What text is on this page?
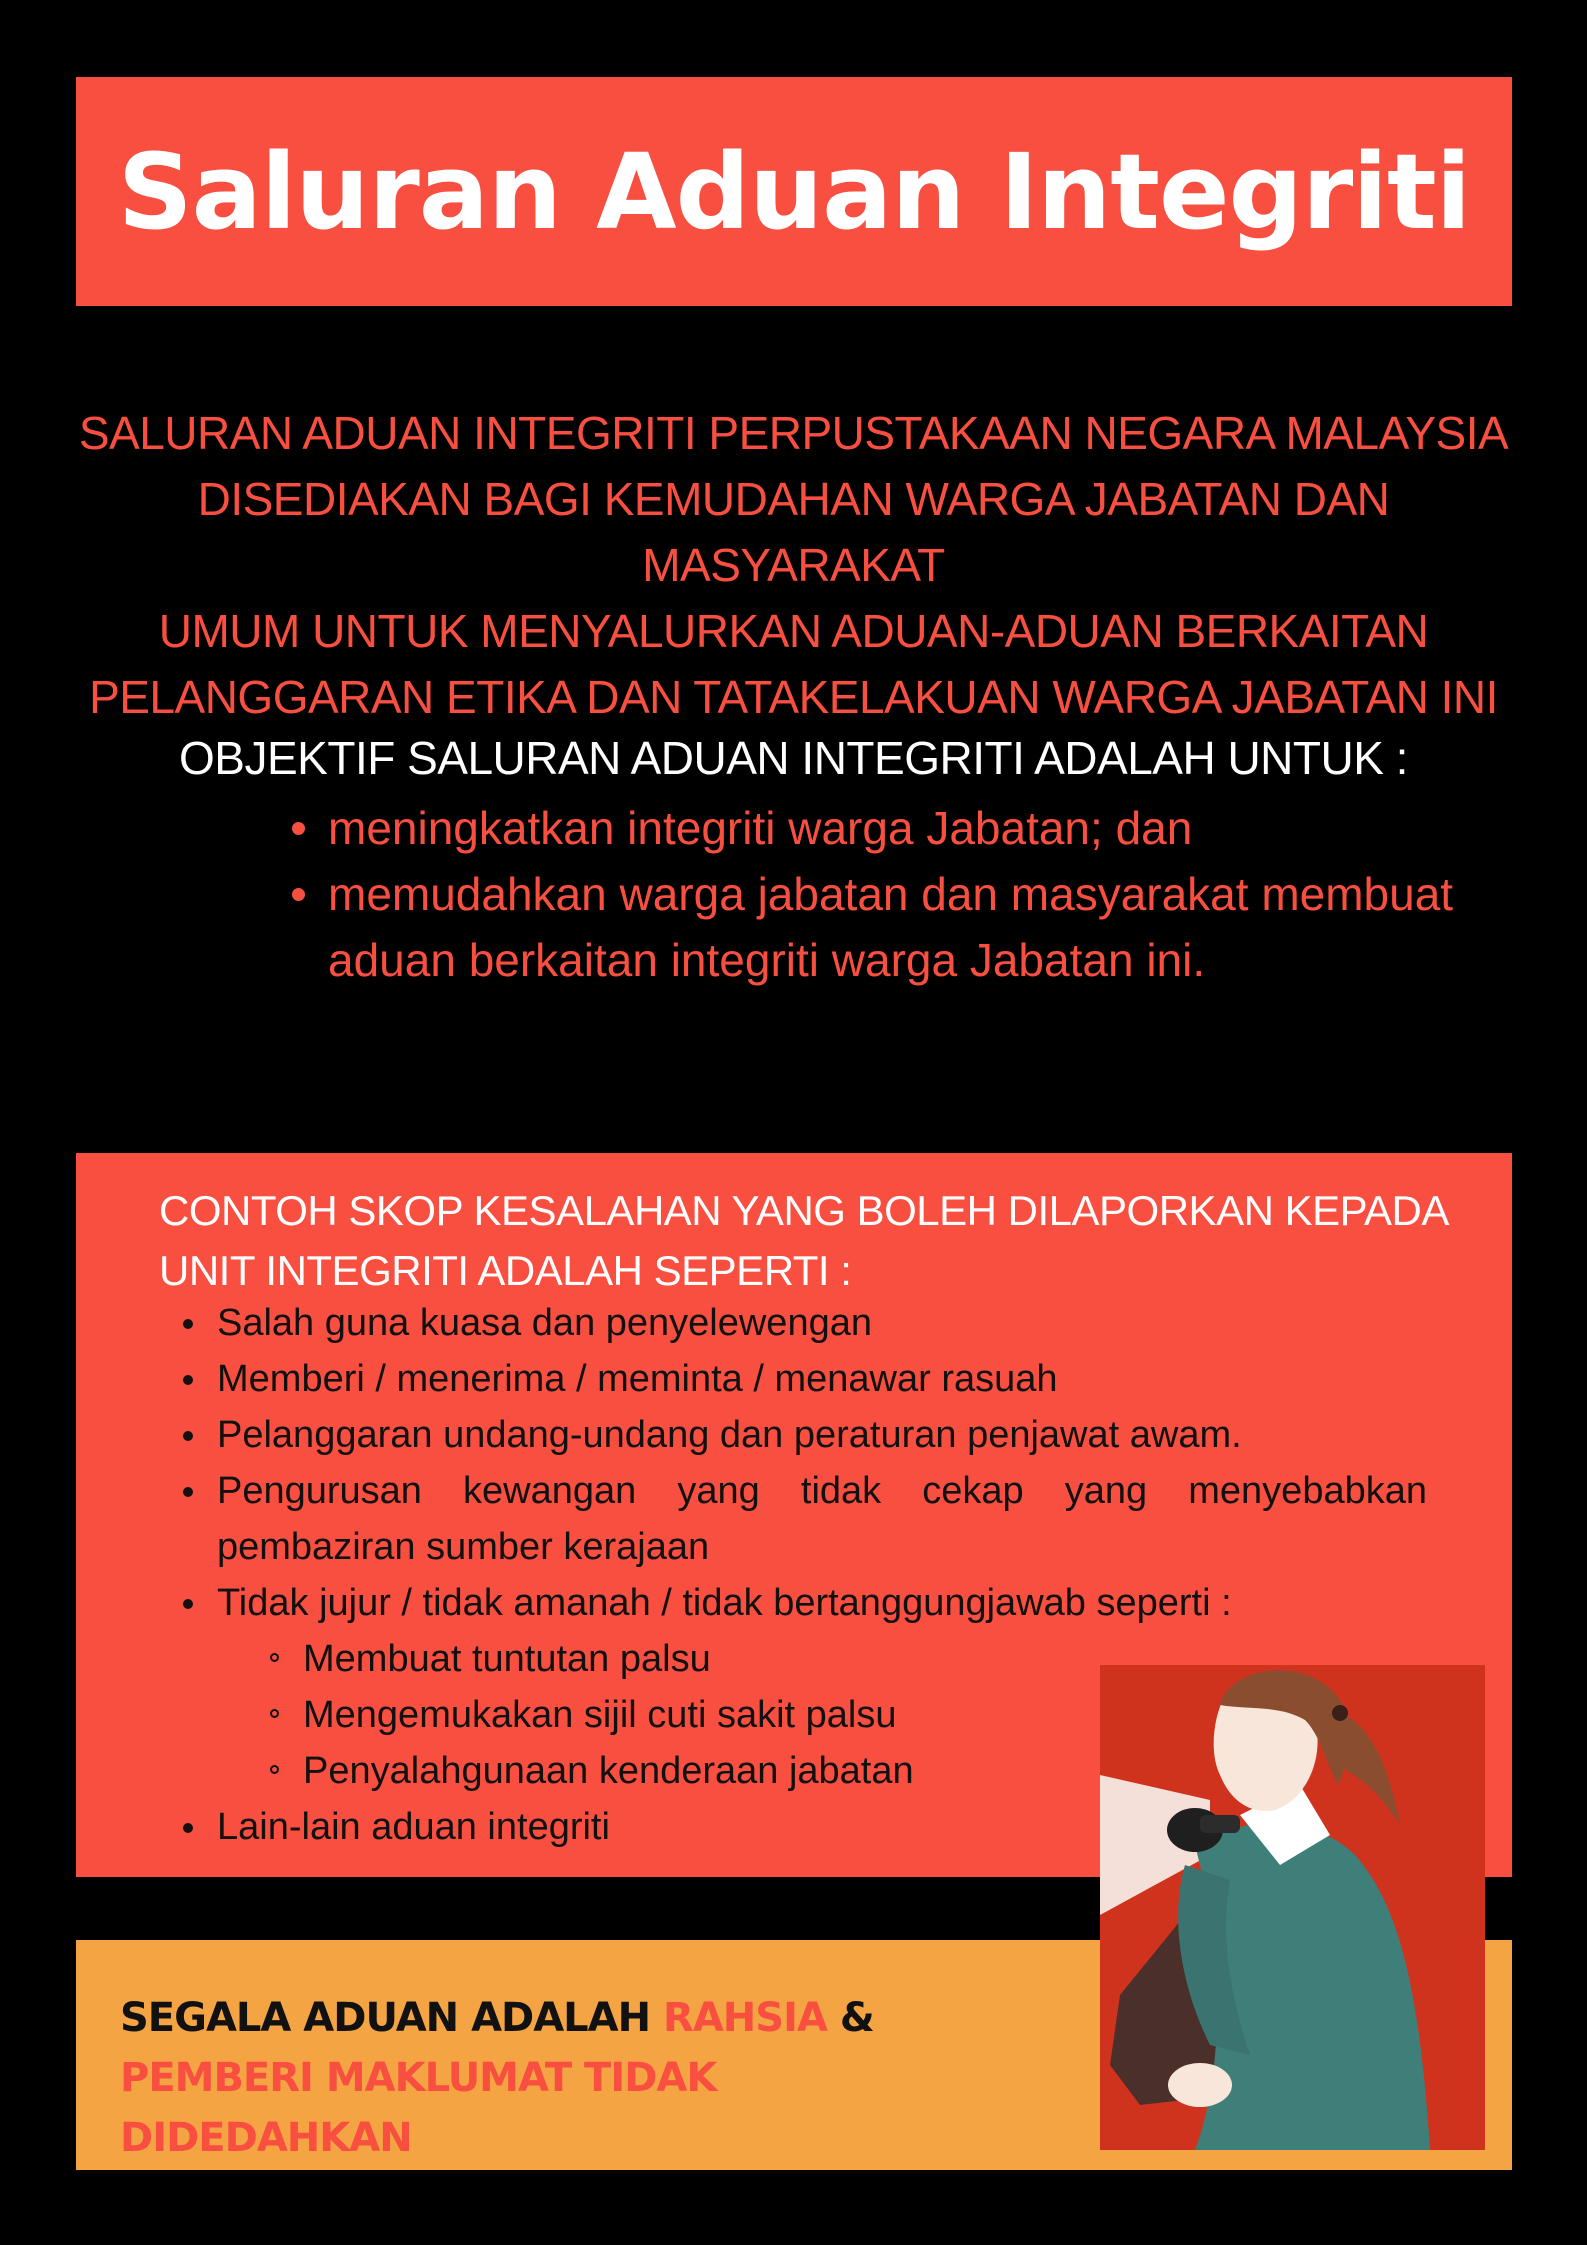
Saluran Aduan Integriti

SALURAN ADUAN INTEGRITI PERPUSTAKAAN NEGARA MALAYSIA
DISEDIAKAN BAGI KEMUDAHAN WARGA JABATAN DAN MASYARAKAT
UMUM UNTUK MENYALURKAN ADUAN-ADUAN BERKAITAN
PELANGGARAN ETIKA DAN TATAKELAKUAN WARGA JABATAN INI

OBJEKTIF SALURAN ADUAN INTEGRITI ADALAH UNTUK :

meningkatkan integriti warga Jabatan; dan
memudahkan warga jabatan dan masyarakat membuat aduan berkaitan integriti warga Jabatan ini.

CONTOH SKOP KESALAHAN YANG BOLEH DILAPORKAN KEPADA UNIT INTEGRITI ADALAH SEPERTI :

Salah guna kuasa dan penyelewengan
Memberi / menerima / meminta / menawar rasuah
Pelanggaran undang-undang dan peraturan penjawat awam.
Pengurusan kewangan yang tidak cekap yang menyebabkan pembaziran sumber kerajaan
Tidak jujur / tidak amanah / tidak bertanggungjawab seperti :
Membuat tuntutan palsu
Mengemukakan sijil cuti sakit palsu
Penyalahgunaan kenderaan jabatan
Lain-lain aduan integriti

SEGALA ADUAN ADALAH RAHSIA & PEMBERI MAKLUMAT TIDAK DIDEDAHKAN
